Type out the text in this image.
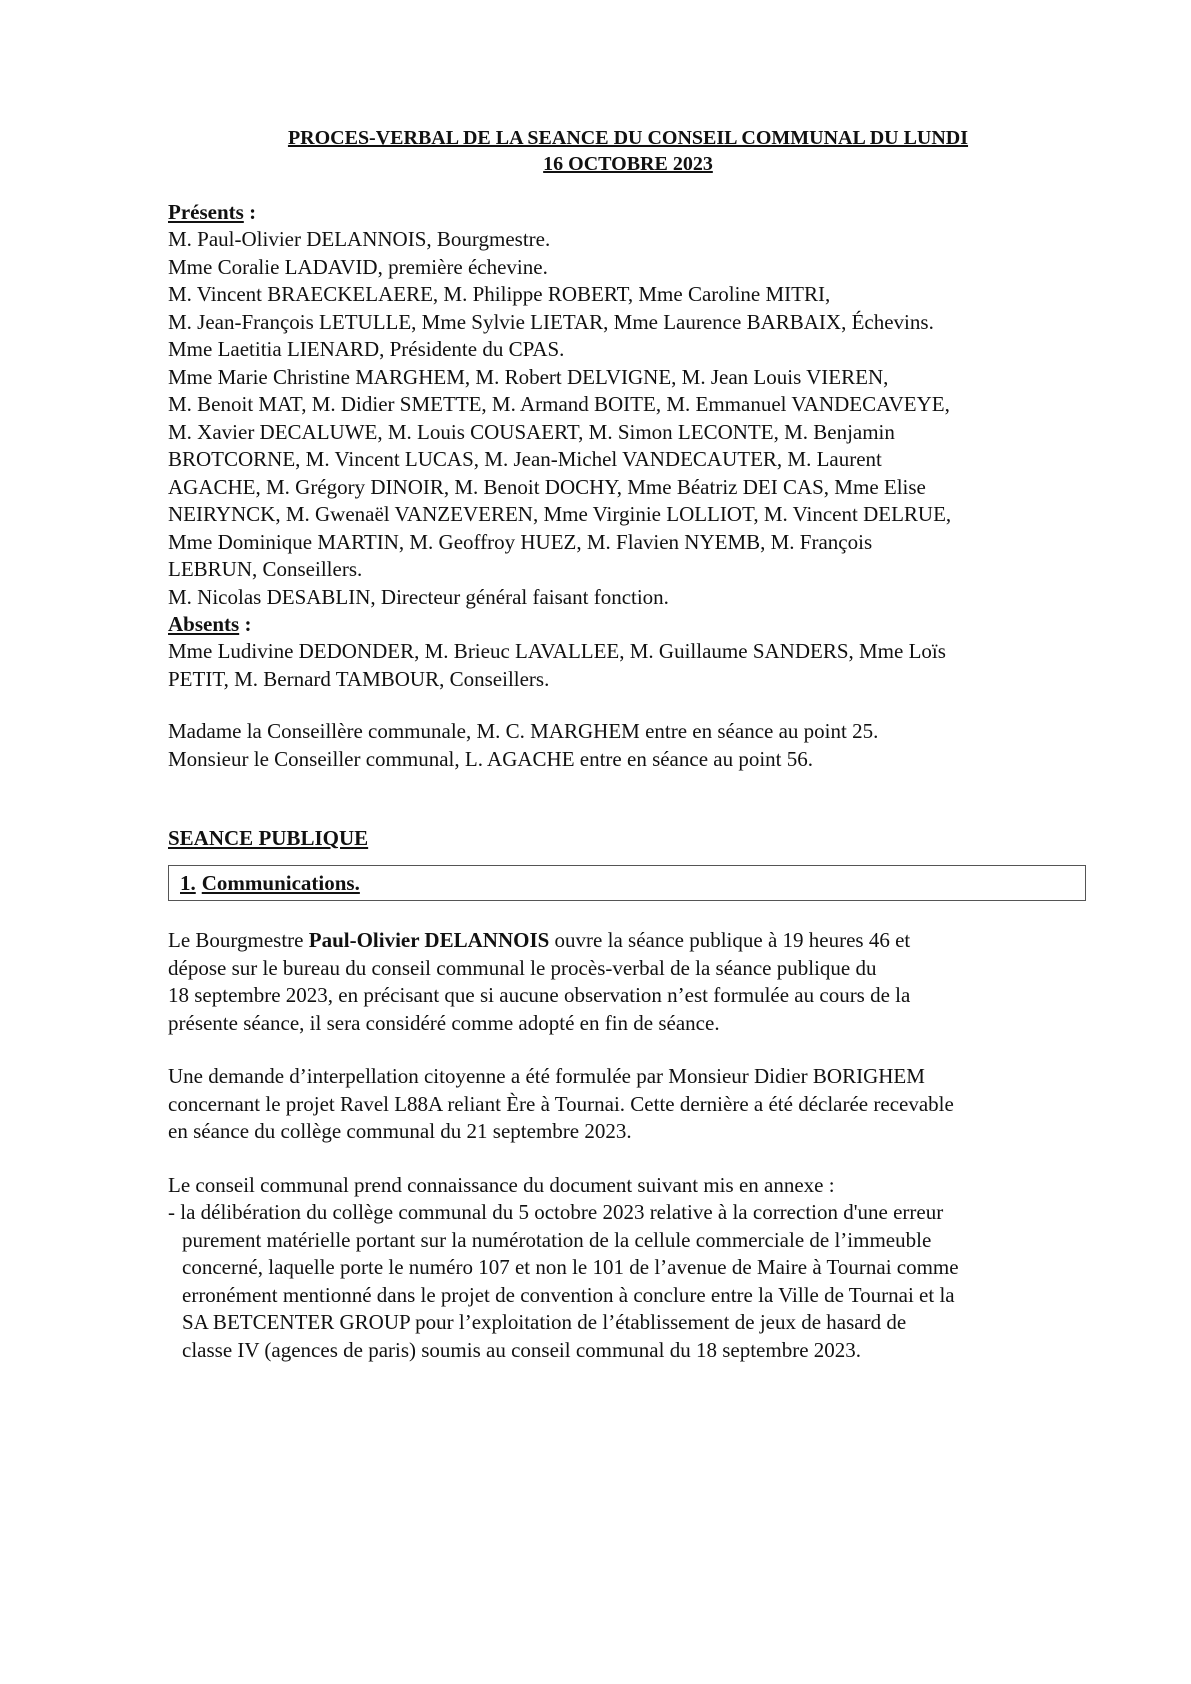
PROCES-VERBAL DE LA SEANCE DU CONSEIL COMMUNAL DU LUNDI
16 OCTOBRE 2023
Présents :

M. Paul-Olivier DELANNOIS, Bourgmestre.

Mme Coralie LADAVID, première échevine.

M. Vincent BRAECKELAERE, M. Philippe ROBERT, Mme Caroline MITRI,

M. Jean-François LETULLE, Mme Sylvie LIETAR, Mme Laurence BARBAIX, Échevins.

Mme Laetitia LIENARD, Présidente du CPAS.

Mme Marie Christine MARGHEM, M. Robert DELVIGNE, M. Jean Louis VIEREN,

M. Benoit MAT, M. Didier SMETTE, M. Armand BOITE, M. Emmanuel VANDECAVEYE,

M. Xavier DECALUWE, M. Louis COUSAERT, M. Simon LECONTE, M. Benjamin

BROTCORNE, M. Vincent LUCAS, M. Jean-Michel VANDECAUTER, M. Laurent

AGACHE, M. Grégory DINOIR, M. Benoit DOCHY, Mme Béatriz DEI CAS, Mme Elise

NEIRYNCK, M. Gwenaël VANZEVEREN, Mme Virginie LOLLIOT, M. Vincent DELRUE,

Mme Dominique MARTIN, M. Geoffroy HUEZ, M. Flavien NYEMB, M. François

LEBRUN, Conseillers.

M. Nicolas DESABLIN, Directeur général faisant fonction.

Absents :

Mme Ludivine DEDONDER, M. Brieuc LAVALLEE, M. Guillaume SANDERS, Mme Loïs

PETIT, M. Bernard TAMBOUR, Conseillers.

Madame la Conseillère communale, M. C. MARGHEM entre en séance au point 25.

Monsieur le Conseiller communal, L. AGACHE entre en séance au point 56.

SEANCE PUBLIQUE
1. Communications.

Le Bourgmestre Paul-Olivier DELANNOIS ouvre la séance publique à 19 heures 46 et

dépose sur le bureau du conseil communal le procès-verbal de la séance publique du

18 septembre 2023, en précisant que si aucune observation n’est formulée au cours de la

présente séance, il sera considéré comme adopté en fin de séance.

Une demande d’interpellation citoyenne a été formulée par Monsieur Didier BORIGHEM

concernant le projet Ravel L88A reliant Ère à Tournai. Cette dernière a été déclarée recevable

en séance du collège communal du 21 septembre 2023.

Le conseil communal prend connaissance du document suivant mis en annexe :

- la délibération du collège communal du 5 octobre 2023 relative à la correction d'une erreur

purement matérielle portant sur la numérotation de la cellule commerciale de l’immeuble

concerné, laquelle porte le numéro 107 et non le 101 de l’avenue de Maire à Tournai comme

erronément mentionné dans le projet de convention à conclure entre la Ville de Tournai et la

SA BETCENTER GROUP pour l’exploitation de l’établissement de jeux de hasard de

classe IV (agences de paris) soumis au conseil communal du 18 septembre 2023.
